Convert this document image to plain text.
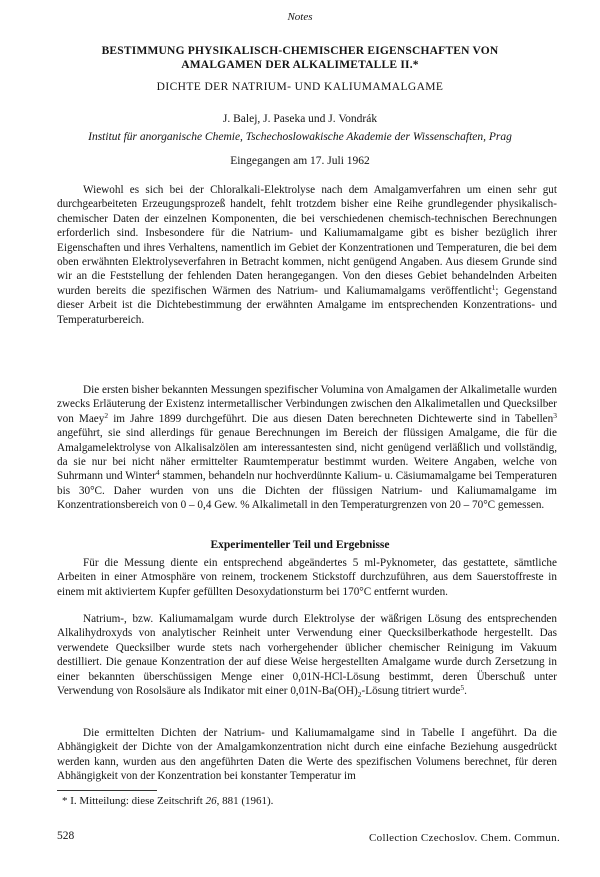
Notes
BESTIMMUNG PHYSIKALISCH-CHEMISCHER EIGENSCHAFTEN VON
AMALGAMEN DER ALKALIMETALLE II.*
DICHTE DER NATRIUM- UND KALIUMAMALGAME
J. Balej, J. Paseka und J. Vondrák
Institut für anorganische Chemie, Tschechoslowakische Akademie der Wissenschaften, Prag
Eingegangen am 17. Juli 1962

Wiewohl es sich bei der Chloralkali-Elektrolyse nach dem Amalgamverfahren um einen sehr gut durchgearbeiteten Erzeugungsprozeß handelt, fehlt trotzdem bisher eine Reihe grundlegender physikalisch-chemischer Daten der einzelnen Komponenten, die bei verschiedenen chemisch-technischen Berechnungen erforderlich sind. Insbesondere für die Natrium- und Kaliumamalgame gibt es bisher bezüglich ihrer Eigenschaften und ihres Verhaltens, namentlich im Gebiet der Konzentrationen und Temperaturen, die bei dem oben erwähnten Elektrolyseverfahren in Betracht kommen, nicht genügend Angaben. Aus diesem Grunde sind wir an die Feststellung der fehlenden Daten herangegangen. Von den dieses Gebiet behandelnden Arbeiten wurden bereits die spezifischen Wärmen des Natrium- und Kaliumamalgams veröffentlicht$^1$; Gegenstand dieser Arbeit ist die Dichtebestimmung der erwähnten Amalgame im entsprechenden Konzentrations- und Temperaturbereich.

Die ersten bisher bekannten Messungen spezifischer Volumina von Amalgamen der Alkalimetalle wurden zwecks Erläuterung der Existenz intermetallischer Verbindungen zwischen den Alkalimetallen und Quecksilber von Maey$^2$ im Jahre 1899 durchgeführt. Die aus diesen Daten berechneten Dichtewerte sind in Tabellen$^3$ angeführt, sie sind allerdings für genaue Berechnungen im Bereich der flüssigen Amalgame, die für die Amalgamelektrolyse von Alkalisalzölen am interessantesten sind, nicht genügend verläßlich und vollständig, da sie nur bei nicht näher ermittelter Raumtemperatur bestimmt wurden. Weitere Angaben, welche von Suhrmann und Winter$^4$ stammen, behandeln nur hochverdünnte Kalium- u. Cäsiumamalgame bei Temperaturen bis 30°C. Daher wurden von uns die Dichten der flüssigen Natrium- und Kaliumamalgame im Konzentrationsbereich von 0 – 0,4 Gew. % Alkalimetall in den Temperaturgrenzen von 20 – 70°C gemessen.

Experimenteller Teil und Ergebnisse

Für die Messung diente ein entsprechend abgeändertes 5 ml-Pyknometer, das gestattete, sämtliche Arbeiten in einer Atmosphäre von reinem, trockenem Stickstoff durchzuführen, aus dem Sauerstoffreste in einem mit aktiviertem Kupfer gefüllten Desoxydationsturm bei 170°C entfernt wurden.

Natrium-, bzw. Kaliumamalgam wurde durch Elektrolyse der wäßrigen Lösung des entsprechenden Alkalihydroxyds von analytischer Reinheit unter Verwendung einer Quecksilberkathode hergestellt. Das verwendete Quecksilber wurde stets nach vorhergehender üblicher chemischer Reinigung im Vakuum destilliert. Die genaue Konzentration der auf diese Weise hergestellten Amalgame wurde durch Zersetzung in einer bekannten überschüssigen Menge einer 0,01N-HCl-Lösung bestimmt, deren Überschuß unter Verwendung von Rosolsäure als Indikator mit einer $0,01N-Ba(OH)_2$-Lösung titriert wurde$^5$.

Die ermittelten Dichten der Natrium- und Kaliumamalgame sind in Tabelle I angeführt. Da die Abhängigkeit der Dichte von der Amalgamkonzentration nicht durch eine einfache Beziehung ausgedrückt werden kann, wurden aus den angeführten Daten die Werte des spezifischen Volumens berechnet, für deren Abhängigkeit von der Konzentration bei konstanter Temperatur im

* I. Mitteilung: diese Zeitschrift 26, 881 (1961).
528	Collection Czechoslov. Chem. Commun.
